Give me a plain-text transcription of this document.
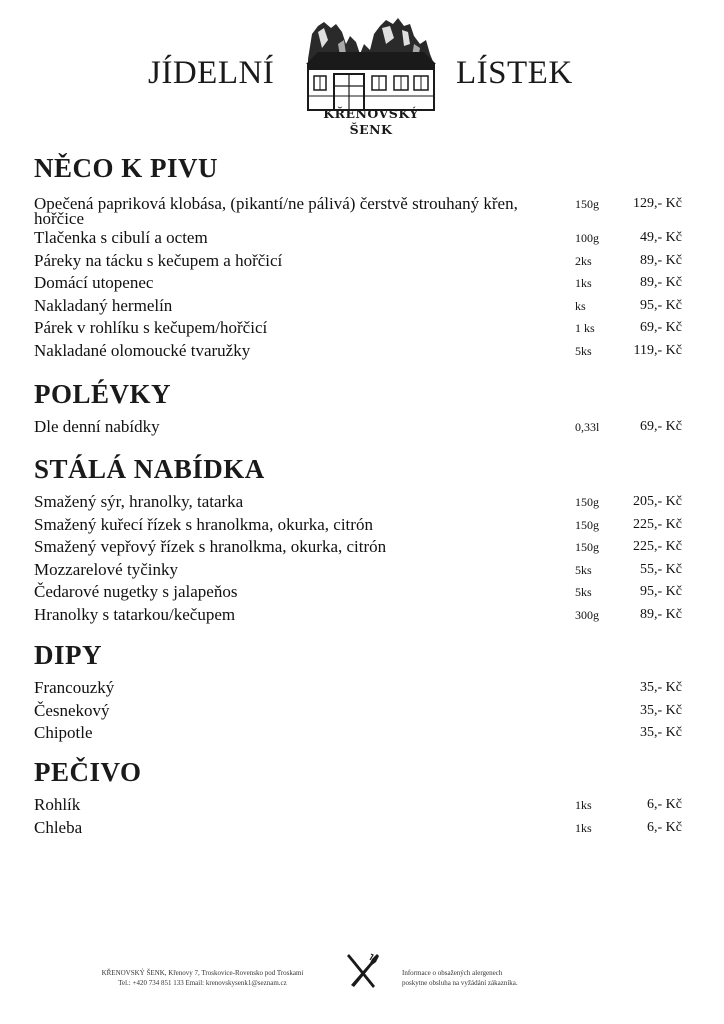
JÍDELNÍ
KŘENOVSKÝ
ŠENK
LÍSTEK
NĚCO K PIVU
Opečená papriková klobása, (pikantí/ne pálivá) čerstvě strouhaný křen, hořčice
150g 129,- Kč
Tlačenka s cibulí a octem	100g	49,- Kč
Páreky na tácku s kečupem a hořčicí	2ks	89,- Kč
Domácí utopenec	1ks	89,- Kč
Nakladaný hermelín	ks	95,- Kč
Párek v rohlíku s kečupem/hořčicí	1 ks	69,- Kč
Nakladané olomoucké tvaružky	5ks	119,- Kč
POLÉVKY
Dle denní nabídky	0,33l	69,- Kč
STÁLÁ NABÍDKA
Smažený sýr, hranolky, tatarka	150g 205,- Kč
Smažený kuřecí řízek s hranolkma, okurka, citrón	150g 225,- Kč
Smažený vepřový řízek s hranolkma, okurka, citrón	150g 225,- Kč
Mozzarelové tyčinky	5ks	55,- Kč
Čedarové nugetky s jalapeňos	5ks	95,- Kč
Hranolky s tatarkou/kečupem	300g	89,- Kč
DIPY
Francouzký	35,- Kč
Česnekový	35,- Kč
Chipotle	35,- Kč
PEČIVO
Rohlík	1ks	6,- Kč
Chleba	1ks	6,- Kč
KŘENOVSKÝ ŠENK, Křenovy 7, Troskovice-Rovensko pod Troskami
Tel.: +420 734 851 133 Email: krenovskysenk1@seznam.cz
Informace o obsažených alergenech
poskytne obsluha na vyžádání zákazníka.
